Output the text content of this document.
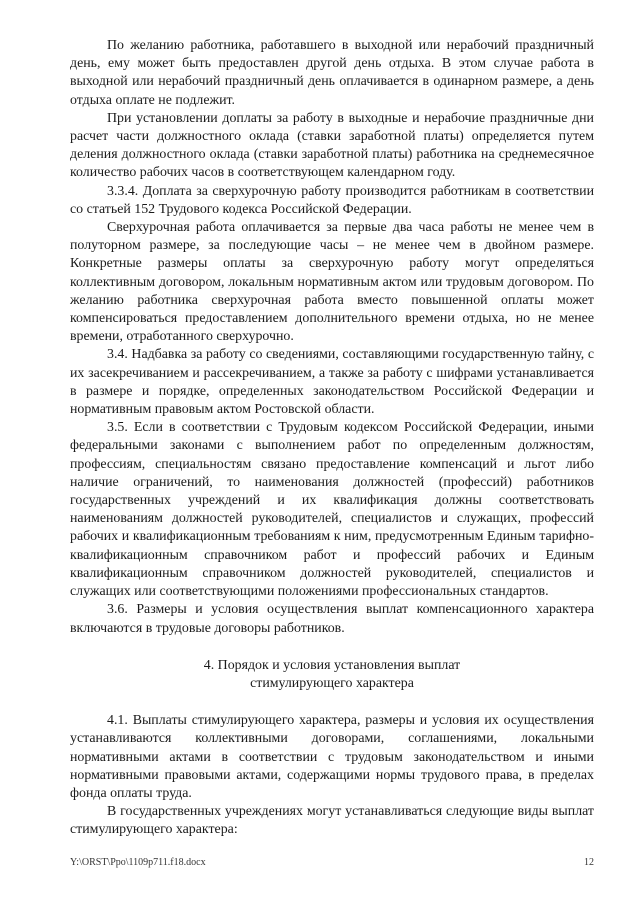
По желанию работника, работавшего в выходной или нерабочий праздничный день, ему может быть предоставлен другой день отдыха. В этом случае работа в выходной или нерабочий праздничный день оплачивается в одинарном размере, а день отдыха оплате не подлежит.

При установлении доплаты за работу в выходные и нерабочие праздничные дни расчет части должностного оклада (ставки заработной платы) определяется путем деления должностного оклада (ставки заработной платы) работника на среднемесячное количество рабочих часов в соответствующем календарном году.

3.3.4. Доплата за сверхурочную работу производится работникам в соответствии со статьей 152 Трудового кодекса Российской Федерации.

Сверхурочная работа оплачивается за первые два часа работы не менее чем в полуторном размере, за последующие часы – не менее чем в двойном размере. Конкретные размеры оплаты за сверхурочную работу могут определяться коллективным договором, локальным нормативным актом или трудовым договором. По желанию работника сверхурочная работа вместо повышенной оплаты может компенсироваться предоставлением дополнительного времени отдыха, но не менее времени, отработанного сверхурочно.

3.4. Надбавка за работу со сведениями, составляющими государственную тайну, с их засекречиванием и рассекречиванием, а также за работу с шифрами устанавливается в размере и порядке, определенных законодательством Российской Федерации и нормативным правовым актом Ростовской области.

3.5. Если в соответствии с Трудовым кодексом Российской Федерации, иными федеральными законами с выполнением работ по определенным должностям, профессиям, специальностям связано предоставление компенсаций и льгот либо наличие ограничений, то наименования должностей (профессий) работников государственных учреждений и их квалификация должны соответствовать наименованиям должностей руководителей, специалистов и служащих, профессий рабочих и квалификационным требованиям к ним, предусмотренным Единым тарифно-квалификационным справочником работ и профессий рабочих и Единым квалификационным справочником должностей руководителей, специалистов и служащих или соответствующими положениями профессиональных стандартов.

3.6. Размеры и условия осуществления выплат компенсационного характера включаются в трудовые договоры работников.

4. Порядок и условия установления выплат

стимулирующего характера

4.1. Выплаты стимулирующего характера, размеры и условия их осуществления устанавливаются коллективными договорами, соглашениями, локальными нормативными актами в соответствии с трудовым законодательством и иными нормативными правовыми актами, содержащими нормы трудового права, в пределах фонда оплаты труда.

В государственных учреждениях могут устанавливаться следующие виды выплат стимулирующего характера:

Y:\ORST\Ppo\1109p711.f18.docx	12
